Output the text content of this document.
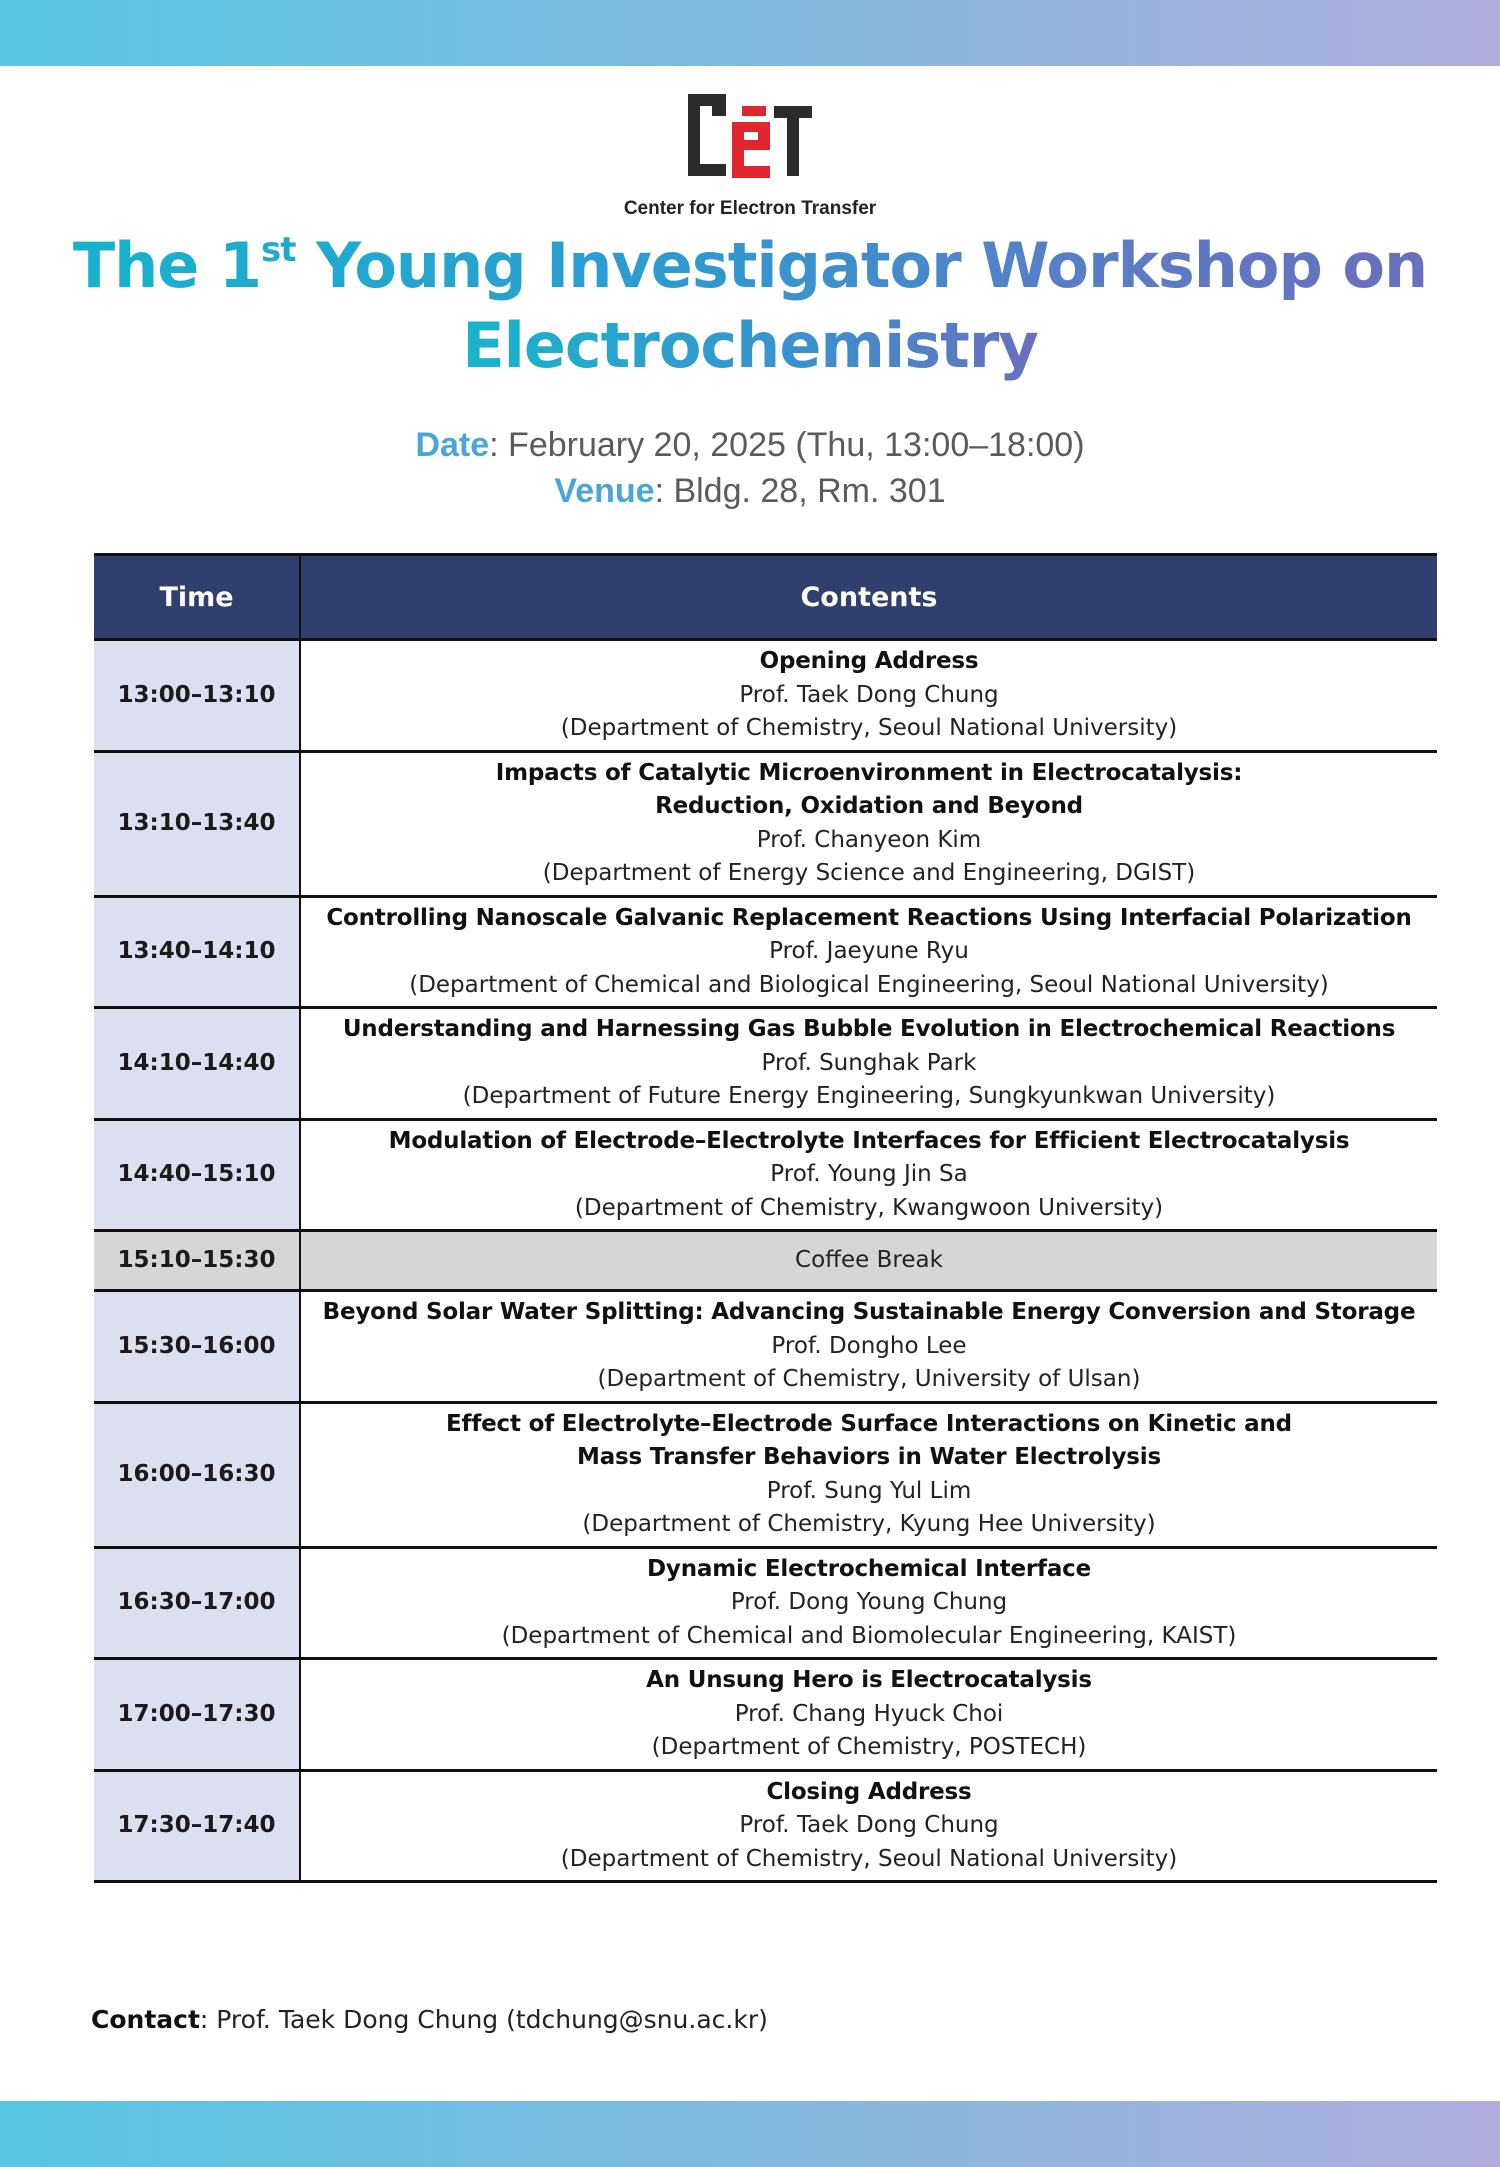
Center for Electron Transfer
The 1st Young Investigator Workshop on
Electrochemistry
Date: February 20, 2025 (Thu, 13:00–18:00)
Venue: Bldg. 28, Rm. 301
Time	Contents
13:00–13:10	Opening Address
Prof. Taek Dong Chung
(Department of Chemistry, Seoul National University)

13:10–13:40	Impacts of Catalytic Microenvironment in Electrocatalysis:
Reduction, Oxidation and Beyond
Prof. Chanyeon Kim
(Department of Energy Science and Engineering, DGIST)

13:40–14:10	Controlling Nanoscale Galvanic Replacement Reactions Using Interfacial Polarization
Prof. Jaeyune Ryu
(Department of Chemical and Biological Engineering, Seoul National University)

14:10–14:40	Understanding and Harnessing Gas Bubble Evolution in Electrochemical Reactions
Prof. Sunghak Park
(Department of Future Energy Engineering, Sungkyunkwan University)

14:40–15:10	Modulation of Electrode–Electrolyte Interfaces for Efficient Electrocatalysis
Prof. Young Jin Sa
(Department of Chemistry, Kwangwoon University)

15:10–15:30	Coffee Break
15:30–16:00	Beyond Solar Water Splitting: Advancing Sustainable Energy Conversion and Storage
Prof. Dongho Lee
(Department of Chemistry, University of Ulsan)

16:00–16:30	Effect of Electrolyte–Electrode Surface Interactions on Kinetic and
Mass Transfer Behaviors in Water Electrolysis
Prof. Sung Yul Lim
(Department of Chemistry, Kyung Hee University)

16:30–17:00	Dynamic Electrochemical Interface
Prof. Dong Young Chung
(Department of Chemical and Biomolecular Engineering, KAIST)

17:00–17:30	An Unsung Hero is Electrocatalysis
Prof. Chang Hyuck Choi
(Department of Chemistry, POSTECH)

17:30–17:40	Closing Address
Prof. Taek Dong Chung
(Department of Chemistry, Seoul National University)
Contact: Prof. Taek Dong Chung (tdchung@snu.ac.kr)
